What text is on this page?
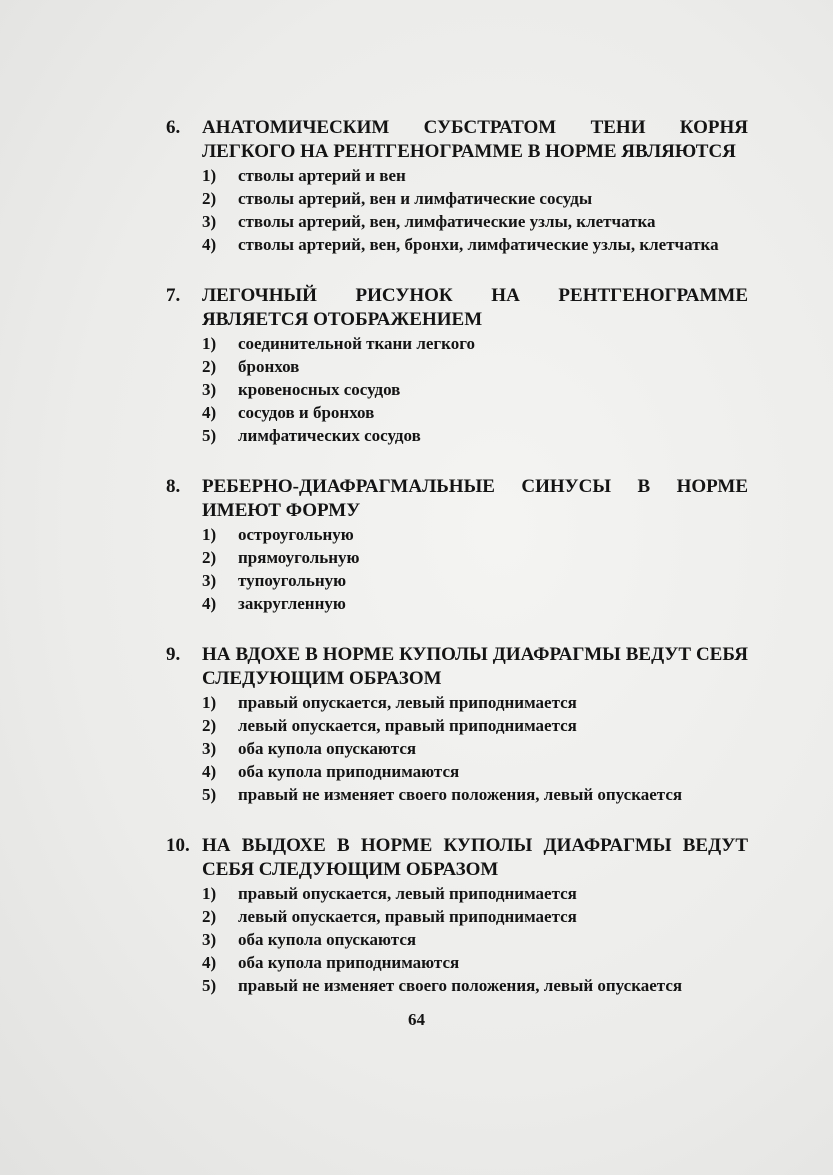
6.	АНАТОМИЧЕСКИМ СУБСТРАТОМ ТЕНИ КОРНЯ ЛЕГКОГО НА РЕНТГЕНОГРАММЕ В НОРМЕ ЯВЛЯЮТСЯ
1)	стволы артерий и вен
2)	стволы артерий, вен и лимфатические сосуды
3)	стволы артерий, вен, лимфатические узлы, клетчатка
4)	стволы артерий, вен, бронхи, лимфатические узлы, клетчатка
7.	ЛЕГОЧНЫЙ РИСУНОК НА РЕНТГЕНОГРАММЕ ЯВЛЯЕТСЯ ОТОБРАЖЕНИЕМ
1)	соединительной ткани легкого
2)	бронхов
3)	кровеносных сосудов
4)	сосудов и бронхов
5)	лимфатических сосудов
8.	РЕБЕРНО-ДИАФРАГМАЛЬНЫЕ СИНУСЫ В НОРМЕ ИМЕЮТ ФОРМУ
1)	остроугольную
2)	прямоугольную
3)	тупоугольную
4)	закругленную
9.	НА ВДОХЕ В НОРМЕ КУПОЛЫ ДИАФРАГМЫ ВЕДУТ СЕБЯ СЛЕДУЮЩИМ ОБРАЗОМ
1)	правый опускается, левый приподнимается
2)	левый опускается, правый приподнимается
3)	оба купола опускаются
4)	оба купола приподнимаются
5)	правый не изменяет своего положения, левый опускается
10. НА ВЫДОХЕ В НОРМЕ КУПОЛЫ ДИАФРАГМЫ ВЕДУТ СЕБЯ СЛЕДУЮЩИМ ОБРАЗОМ
1)	правый опускается, левый приподнимается
2)	левый опускается, правый приподнимается
3)	оба купола опускаются
4)	оба купола приподнимаются
5)	правый не изменяет своего положения, левый опускается
64
